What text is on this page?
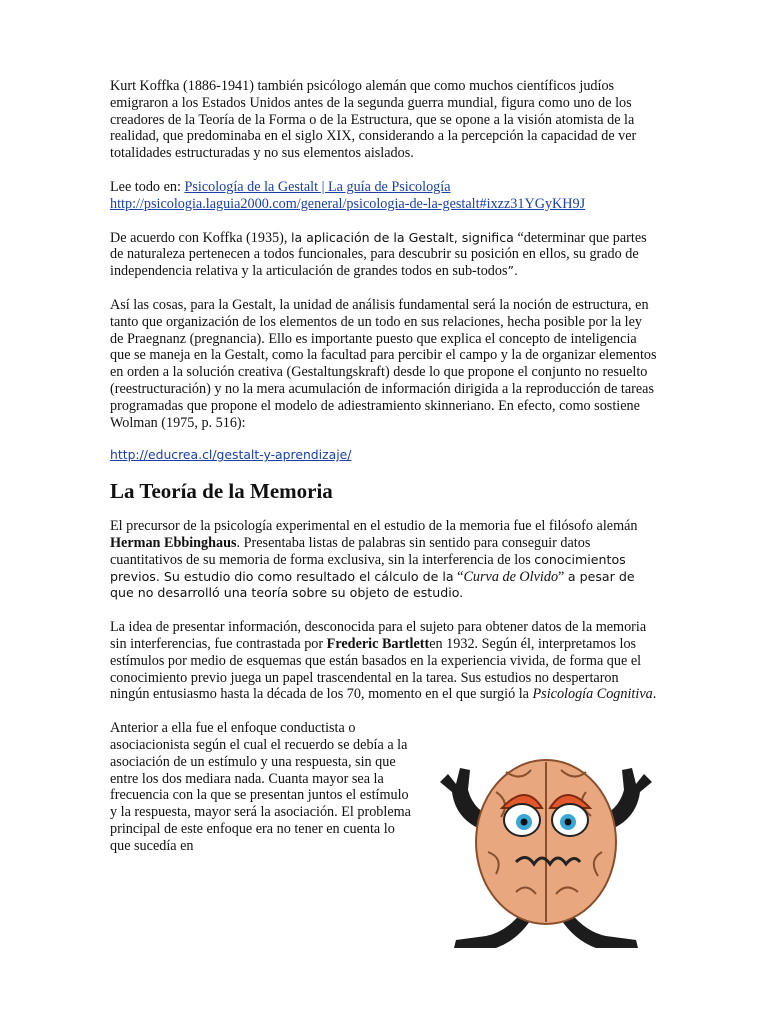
Kurt Koffka (1886-1941) también psicólogo alemán que como muchos científicos judíos emigraron a los Estados Unidos antes de la segunda guerra mundial, figura como uno de los creadores de la Teoría de la Forma o de la Estructura, que se opone a la visión atomista de la realidad, que predominaba en el siglo XIX, considerando a la percepción la capacidad de ver totalidades estructuradas y no sus elementos aislados.

Lee todo en: Psicología de la Gestalt | La guía de Psicología
http://psicologia.laguia2000.com/general/psicologia-de-la-gestalt#ixzz31YGyKH9J

De acuerdo con Koffka (1935), la aplicación de la Gestalt, significa “determinar que partes de naturaleza pertenecen a todos funcionales, para descubrir su posición en ellos, su grado de independencia relativa y la articulación de grandes todos en sub-todos”.

Así las cosas, para la Gestalt, la unidad de análisis fundamental será la noción de estructura, en tanto que organización de los elementos de un todo en sus relaciones, hecha posible por la ley de Praegnanz (pregnancia). Ello es importante puesto que explica el concepto de inteligencia que se maneja en la Gestalt, como la facultad para percibir el campo y la de organizar elementos en orden a la solución creativa (Gestaltungskraft) desde lo que propone el conjunto no resuelto (reestructuración) y no la mera acumulación de información dirigida a la reproducción de tareas programadas que propone el modelo de adiestramiento skinneriano. En efecto, como sostiene Wolman (1975, p. 516):

http://educrea.cl/gestalt-y-aprendizaje/
La Teoría de la Memoria

El precursor de la psicología experimental en el estudio de la memoria fue el filósofo alemán Herman Ebbinghaus. Presentaba listas de palabras sin sentido para conseguir datos cuantitativos de su memoria de forma exclusiva, sin la interferencia de los conocimientos previos. Su estudio dio como resultado el cálculo de la “Curva de Olvido” a pesar de que no desarrolló una teoría sobre su objeto de estudio.

La idea de presentar información, desconocida para el sujeto para obtener datos de la memoria sin interferencias, fue contrastada por Frederic Bartletten 1932. Según él, interpretamos los estímulos por medio de esquemas que están basados en la experiencia vivida, de forma que el conocimiento previo juega un papel trascendental en la tarea. Sus estudios no despertaron ningún entusiasmo hasta la década de los 70, momento en el que surgió la Psicología Cognitiva.

Anterior a ella fue el enfoque conductista o asociacionista según el cual el recuerdo se debía a la asociación de un estímulo y una respuesta, sin que entre los dos mediara nada. Cuanta mayor sea la frecuencia con la que se presentan juntos el estímulo y la respuesta, mayor será la asociación. El problema principal de este enfoque era no tener en cuenta lo que sucedía en
